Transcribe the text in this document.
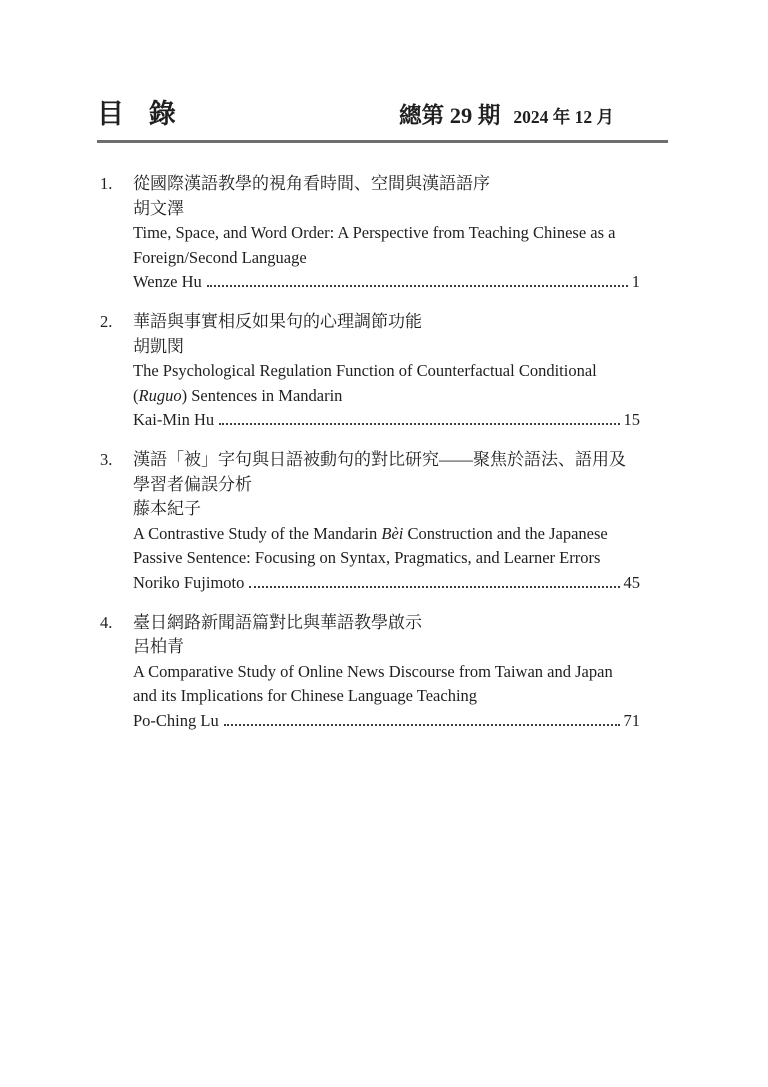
目 錄	總第 29 期 2024 年 12 月
1.	從國際漢語教學的視角看時間、空間與漢語語序
胡文澤
Time, Space, and Word Order: A Perspective from Teaching Chinese as a Foreign/Second Language
Wenze Hu	1
2.	華語與事實相反如果句的心理調節功能
胡凱閔
The Psychological Regulation Function of Counterfactual Conditional (Ruguo) Sentences in Mandarin
Kai-Min Hu	15
3.	漢語「被」字句與日語被動句的對比研究——聚焦於語法、語用及學習者偏誤分析
藤本紀子
A Contrastive Study of the Mandarin Bèi Construction and the Japanese Passive Sentence: Focusing on Syntax, Pragmatics, and Learner Errors
Noriko Fujimoto	45
4.	臺日網路新聞語篇對比與華語教學啟示
呂柏青
A Comparative Study of Online News Discourse from Taiwan and Japan and its Implications for Chinese Language Teaching
Po-Ching Lu	71
